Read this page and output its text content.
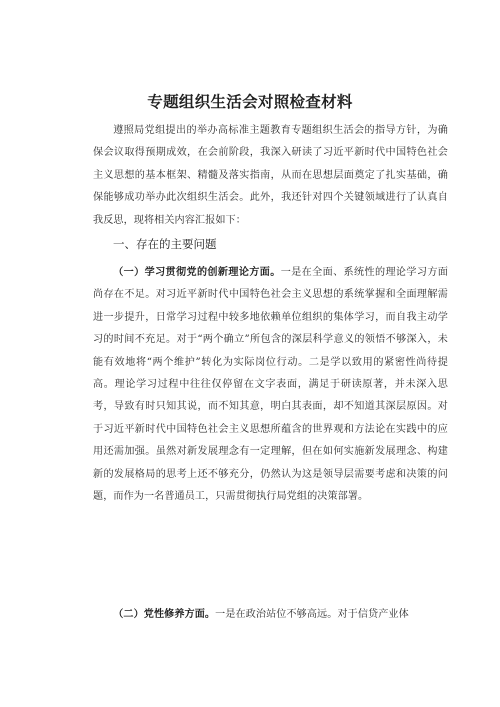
专题组织生活会对照检查材料

遵照局党组提出的举办高标准主题教育专题组织生活会的指导方针，为确保会议取得预期成效，在会前阶段，我深入研读了习近平新时代中国特色社会主义思想的基本框架、精髓及落实指南，从而在思想层面奠定了扎实基础，确保能够成功举办此次组织生活会。此外，我还针对四个关键领域进行了认真自我反思，现将相关内容汇报如下：

一、存在的主要问题

（一）学习贯彻党的创新理论方面。一是在全面、系统性的理论学习方面尚存在不足。对习近平新时代中国特色社会主义思想的系统掌握和全面理解需进一步提升，日常学习过程中较多地依赖单位组织的集体学习，而自我主动学习的时间不充足。对于“两个确立”所包含的深层科学意义的领悟不够深入，未能有效地将“两个维护”转化为实际岗位行动。二是学以致用的紧密性尚待提高。理论学习过程中往往仅停留在文字表面，满足于研读原著，并未深入思考，导致有时只知其说，而不知其意，明白其表面，却不知道其深层原因。对于习近平新时代中国特色社会主义思想所蕴含的世界观和方法论在实践中的应用还需加强。虽然对新发展理念有一定理解，但在如何实施新发展理念、构建新的发展格局的思考上还不够充分，仍然认为这是领导层需要考虑和决策的问题，而作为一名普通员工，只需贯彻执行局党组的决策部署。

（二）党性修养方面。一是在政治站位不够高远。对于信贷产业体
